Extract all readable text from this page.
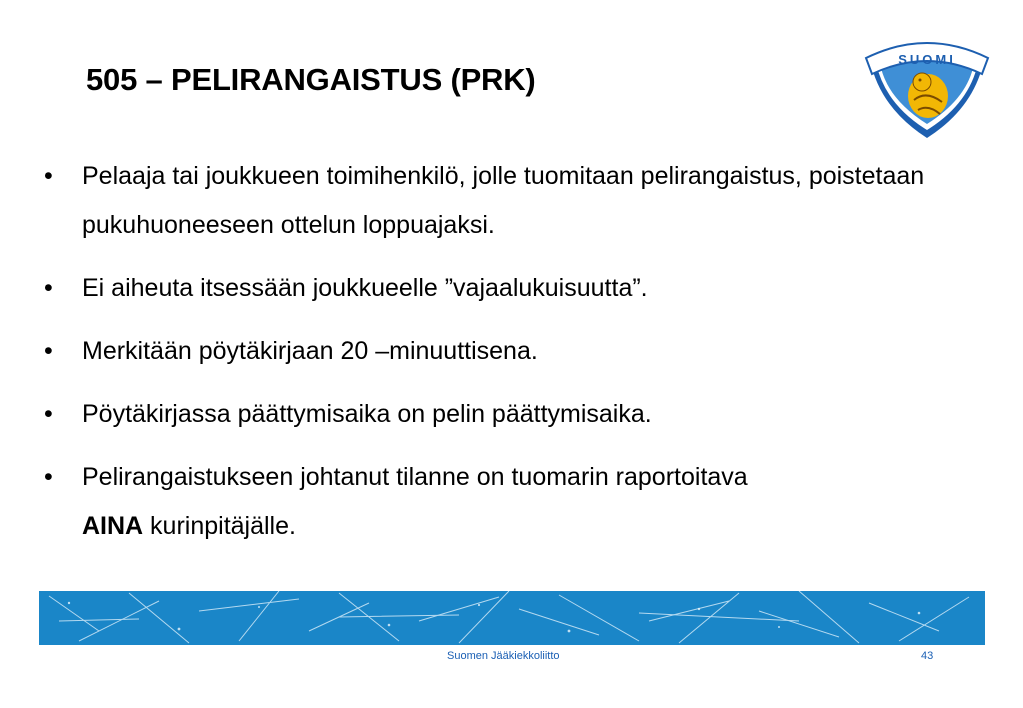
505 – PELIRANGAISTUS (PRK)
SUOMI
• Pelaaja tai joukkueen toimihenkilö, jolle tuomitaan pelirangaistus, poistetaan pukuhuoneeseen ottelun loppuajaksi.
• Ei aiheuta itsessään joukkueelle ”vajaalukuisuutta”.
• Merkitään pöytäkirjaan 20 –minuuttisena.
• Pöytäkirjassa päättymisaika on pelin päättymisaika.
• Pelirangaistukseen johtanut tilanne on tuomarin raportoitava
AINA kurinpitäjälle.
Suomen Jääkiekkoliitto	43
